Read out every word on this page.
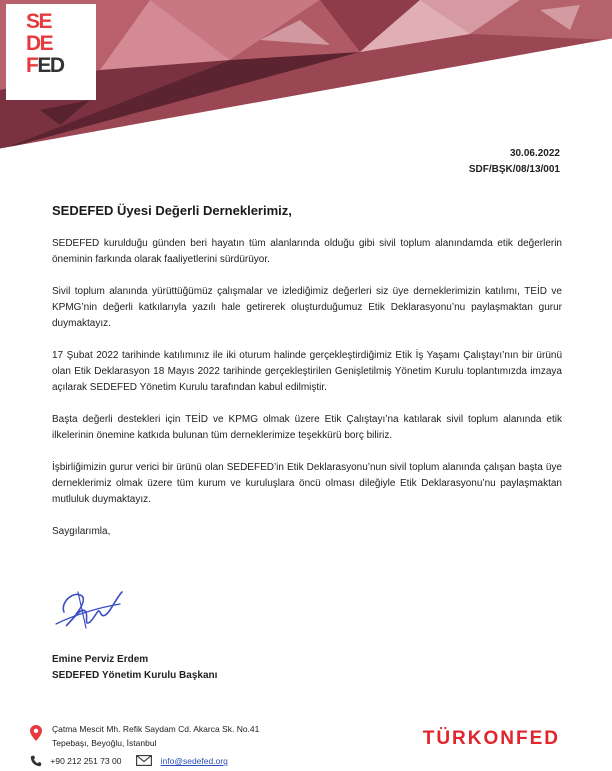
SE
DE
FED
30.06.2022
SDF/BŞK/08/13/001
SEDEFED Üyesi Değerli Derneklerimiz,

SEDEFED kurulduğu günden beri hayatın tüm alanlarında olduğu gibi sivil toplum alanındamda etik değerlerin öneminin farkında olarak faaliyetlerini sürdürüyor.

Sivil toplum alanında yürüttüğümüz çalışmalar ve izlediğimiz değerleri siz üye derneklerimizin katılımı, TEİD ve KPMG’nin değerli katkılarıyla yazılı hale getirerek oluşturduğumuz Etik Deklarasyonu’nu paylaşmaktan gurur duymaktayız.

17 Şubat 2022 tarihinde katılımınız ile iki oturum halinde gerçekleştirdiğimiz Etik İş Yaşamı Çalıştayı’nın bir ürünü olan Etik Deklarasyon 18 Mayıs 2022 tarihinde gerçekleştirilen Genişletilmiş Yönetim Kurulu toplantımızda imzaya açılarak SEDEFED Yönetim Kurulu tarafından kabul edilmiştir.

Başta değerli destekleri için TEİD ve KPMG olmak üzere Etik Çalıştayı’na katılarak sivil toplum alanında etik ilkelerinin önemine katkıda bulunan tüm derneklerimize teşekkürü borç biliriz.

İşbirliğimizin gurur verici bir ürünü olan SEDEFED’in Etik Deklarasyonu’nun sivil toplum alanında çalışan başta üye derneklerimiz olmak üzere tüm kurum ve kuruluşlara öncü olması dileğiyle Etik Deklarasyonu’nu paylaşmaktan mutluluk duymaktayız.

Saygılarımla,

Emine Perviz Erdem
SEDEFED Yönetim Kurulu Başkanı
Çatma Mescit Mh. Refik Saydam Cd. Akarca Sk. No.41
Tepebaşı, Beyoğlu, İstanbul
+90 212 251 73 00	info@sedefed.org
TÜRKONFED
